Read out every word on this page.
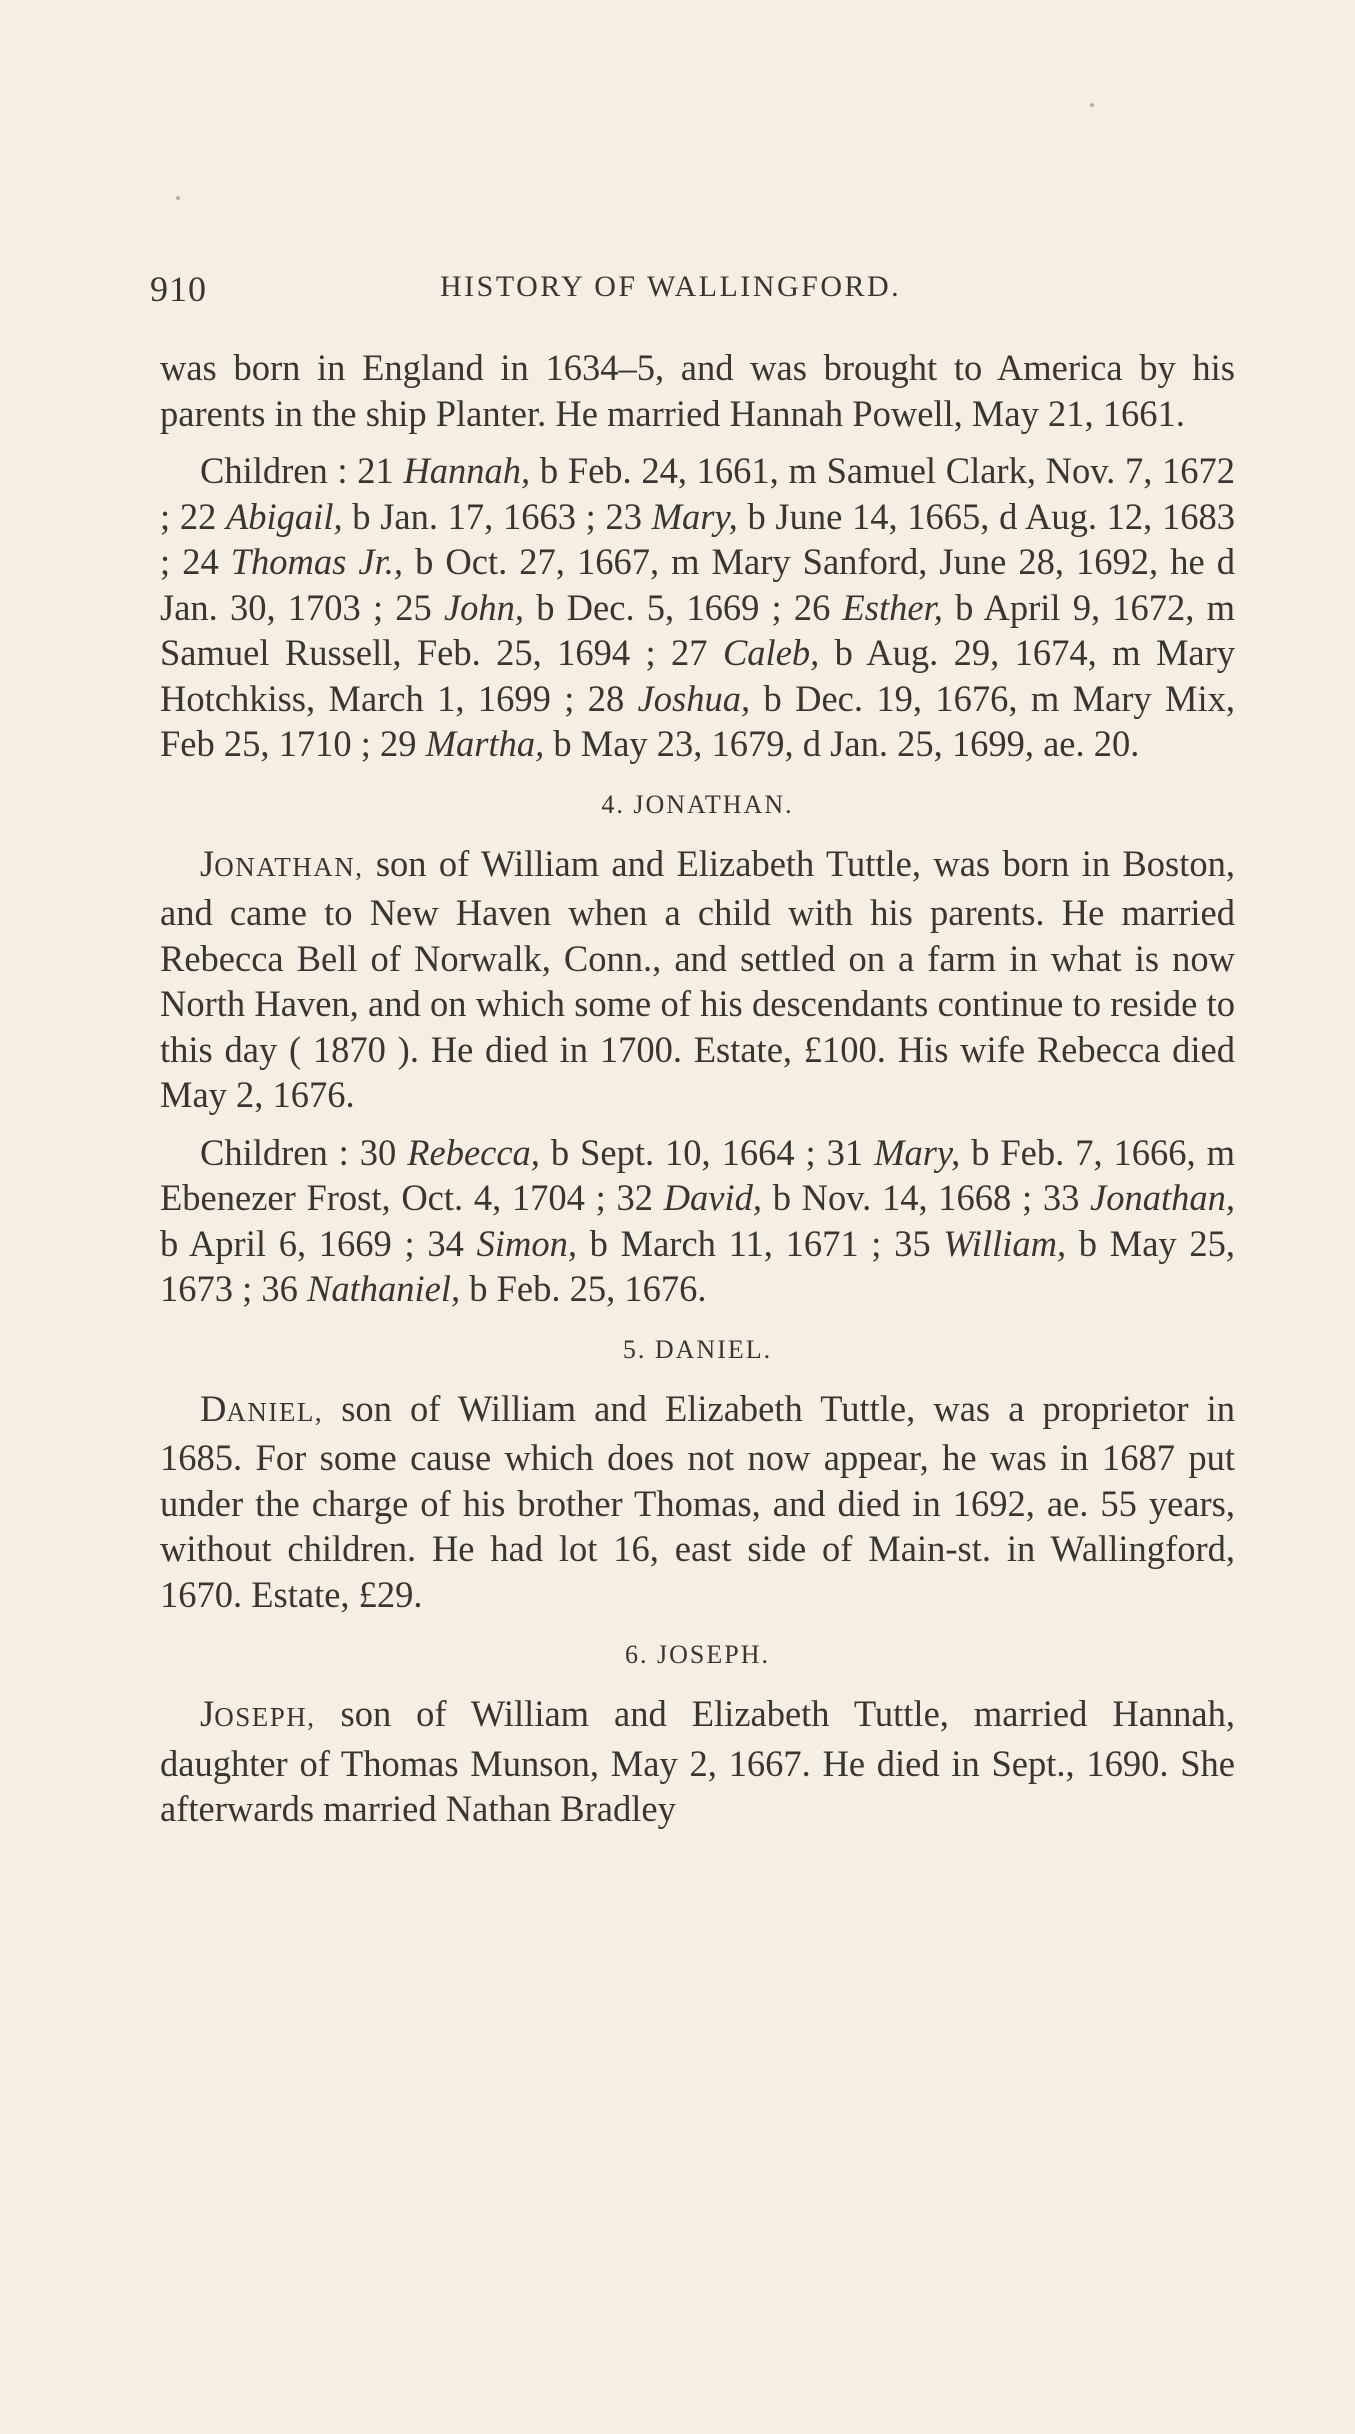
910	HISTORY OF WALLINGFORD.

was born in England in 1634–5, and was brought to America by his parents in the ship Planter. He married Hannah Powell, May 21, 1661.

Children : 21 Hannah, b Feb. 24, 1661, m Samuel Clark, Nov. 7, 1672 ; 22 Abigail, b Jan. 17, 1663 ; 23 Mary, b June 14, 1665, d Aug. 12, 1683 ; 24 Thomas Jr., b Oct. 27, 1667, m Mary Sanford, June 28, 1692, he d Jan. 30, 1703 ; 25 John, b Dec. 5, 1669 ; 26 Esther, b April 9, 1672, m Samuel Russell, Feb. 25, 1694 ; 27 Caleb, b Aug. 29, 1674, m Mary Hotchkiss, March 1, 1699 ; 28 Joshua, b Dec. 19, 1676, m Mary Mix, Feb 25, 1710 ; 29 Martha, b May 23, 1679, d Jan. 25, 1699, ae. 20.

4. JONATHAN.

JONATHAN, son of William and Elizabeth Tuttle, was born in Boston, and came to New Haven when a child with his parents. He married Rebecca Bell of Norwalk, Conn., and settled on a farm in what is now North Haven, and on which some of his descendants continue to reside to this day ( 1870 ). He died in 1700. Estate, £100. His wife Rebecca died May 2, 1676.

Children : 30 Rebecca, b Sept. 10, 1664 ; 31 Mary, b Feb. 7, 1666, m Ebenezer Frost, Oct. 4, 1704 ; 32 David, b Nov. 14, 1668 ; 33 Jonathan, b April 6, 1669 ; 34 Simon, b March 11, 1671 ; 35 William, b May 25, 1673 ; 36 Nathaniel, b Feb. 25, 1676.

5. DANIEL.

DANIEL, son of William and Elizabeth Tuttle, was a proprietor in 1685. For some cause which does not now appear, he was in 1687 put under the charge of his brother Thomas, and died in 1692, ae. 55 years, without children. He had lot 16, east side of Main-st. in Wallingford, 1670. Estate, £29.

6. JOSEPH.

JOSEPH, son of William and Elizabeth Tuttle, married Hannah, daughter of Thomas Munson, May 2, 1667. He died in Sept., 1690. She afterwards married Nathan Bradley
